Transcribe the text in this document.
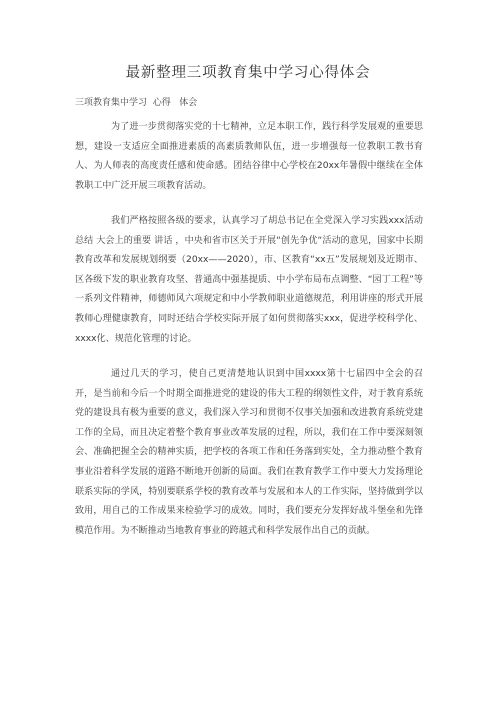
最新整理三项教育集中学习心得体会
三项教育集中学习  心得   体会

为了进一步贯彻落实党的十七精神，立足本职工作，践行科学发展观的重要思想，建设一支适应全面推进素质的高素质教师队伍，进一步增强每一位教职工教书育人、为人师表的高度责任感和使命感。团结谷律中心学校在20xx年暑假中继续在全体教职工中广泛开展三项教育活动。

我们严格按照各级的要求，认真学习了胡总书记在全党深入学习实践xxx活动 总结 大会上的重要 讲话 ，中央和省市区关于开展“创先争优“活动的意见，国家中长期教育改革和发展规划纲要（20xx——2020），市、区教育“xx五”发展规划及近期市、区各级下发的职业教育攻坚、普通高中强基提质、中小学布局布点调整、“园丁工程”等一系列文件精神，师德师风六项规定和中小学教师职业道德规范，利用讲座的形式开展教师心理健康教育，同时还结合学校实际开展了如何贯彻落实xxx，促进学校科学化、xxxx化、规范化管理的讨论。

通过几天的学习，使自己更清楚地认识到中国xxxx第十七届四中全会的召开，是当前和今后一个时期全面推进党的建设的伟大工程的纲领性文件，对于教育系统党的建设具有极为重要的意义，我们深入学习和贯彻不仅事关加强和改进教育系统党建工作的全局，而且决定着整个教育事业改革发展的过程，所以，我们在工作中要深刻领会、准确把握全会的精神实质，把学校的各项工作和任务落到实处，全力推动整个教育事业沿着科学发展的道路不断地开创新的局面。我们在教育教学工作中要大力发扬理论联系实际的学风，特别要联系学校的教育改革与发展和本人的工作实际，坚持做到学以致用，用自己的工作成果来检验学习的成效。同时，我们要充分发挥好战斗堡垒和先锋模范作用。为不断推动当地教育事业的跨越式和科学发展作出自己的贡献。
